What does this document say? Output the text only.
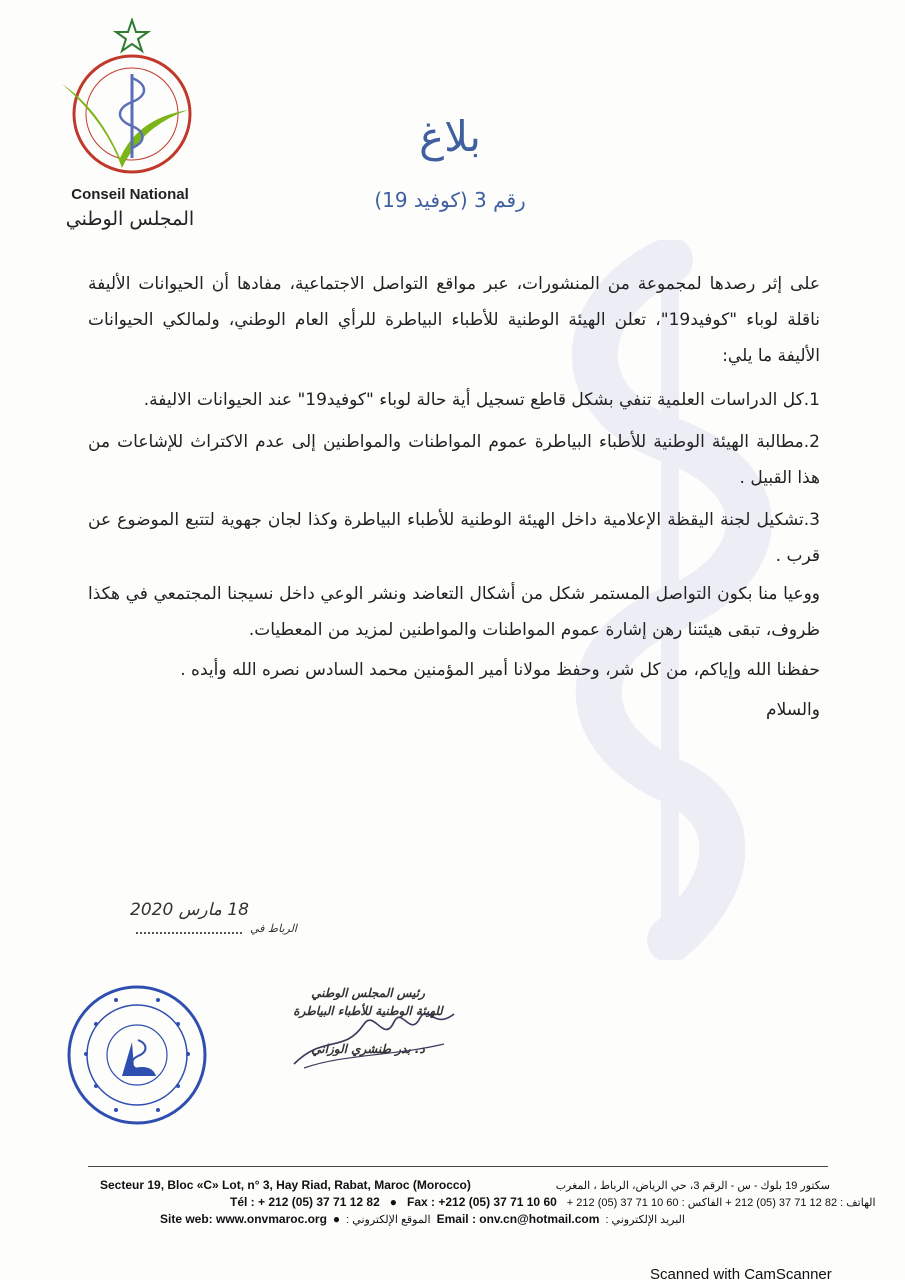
Conseil National
المجلس الوطني
بلاغ
رقم 3 (كوفيد 19)

على إثر رصدها لمجموعة من المنشورات، عبر مواقع التواصل الاجتماعية، مفادها أن الحيوانات الأليفة ناقلة لوباء "كوفيد19"، تعلن الهيئة الوطنية للأطباء البياطرة للرأي العام الوطني، ولمالكي الحيوانات الأليفة ما يلي:

1.كل الدراسات العلمية تنفي بشكل قاطع تسجيل أية حالة لوباء "كوفيد19" عند الحيوانات الاليفة.

2.مطالبة الهيئة الوطنية للأطباء البياطرة عموم المواطنات والمواطنين إلى عدم الاكتراث للإشاعات من هذا القبيل .

3.تشكيل لجنة اليقظة الإعلامية داخل الهيئة الوطنية للأطباء البياطرة وكذا لجان جهوية لتتبع الموضوع عن قرب .

ووعيا منا بكون التواصل المستمر شكل من أشكال التعاضد ونشر الوعي داخل نسيجنا المجتمعي في هكذا ظروف، تبقى هيئتنا رهن إشارة عموم المواطنات والمواطنين لمزيد من المعطيات.

حفظنا الله وإياكم، من كل شر، وحفظ مولانا أمير المؤمنين محمد السادس نصره الله وأيده .

والسلام

18 مارس 2020
الرباط في
رئيس المجلس الوطني
للهيئة الوطنية للأطباء البياطرة
د. بدر طنشري الوزاني
Secteur 19, Bloc «C» Lot, n° 3, Hay Riad, Rabat, Maroc (Morocco)	سكتور 19 بلوك - س - الرقم 3، حي الرياض، الرباط ، المغرب
Tél : + 212 (05) 37 71 12 82 ● Fax : +212 (05) 37 71 10 60 الهاتف : 82 12 71 37 (05) 212 + الفاكس : 60 10 71 37 (05) 212 +
Site web: www.onvmaroc.org ● الموقع الإلكتروني : Email : onv.cn@hotmail.com البريد الإلكتروني :
Scanned with CamScanner
